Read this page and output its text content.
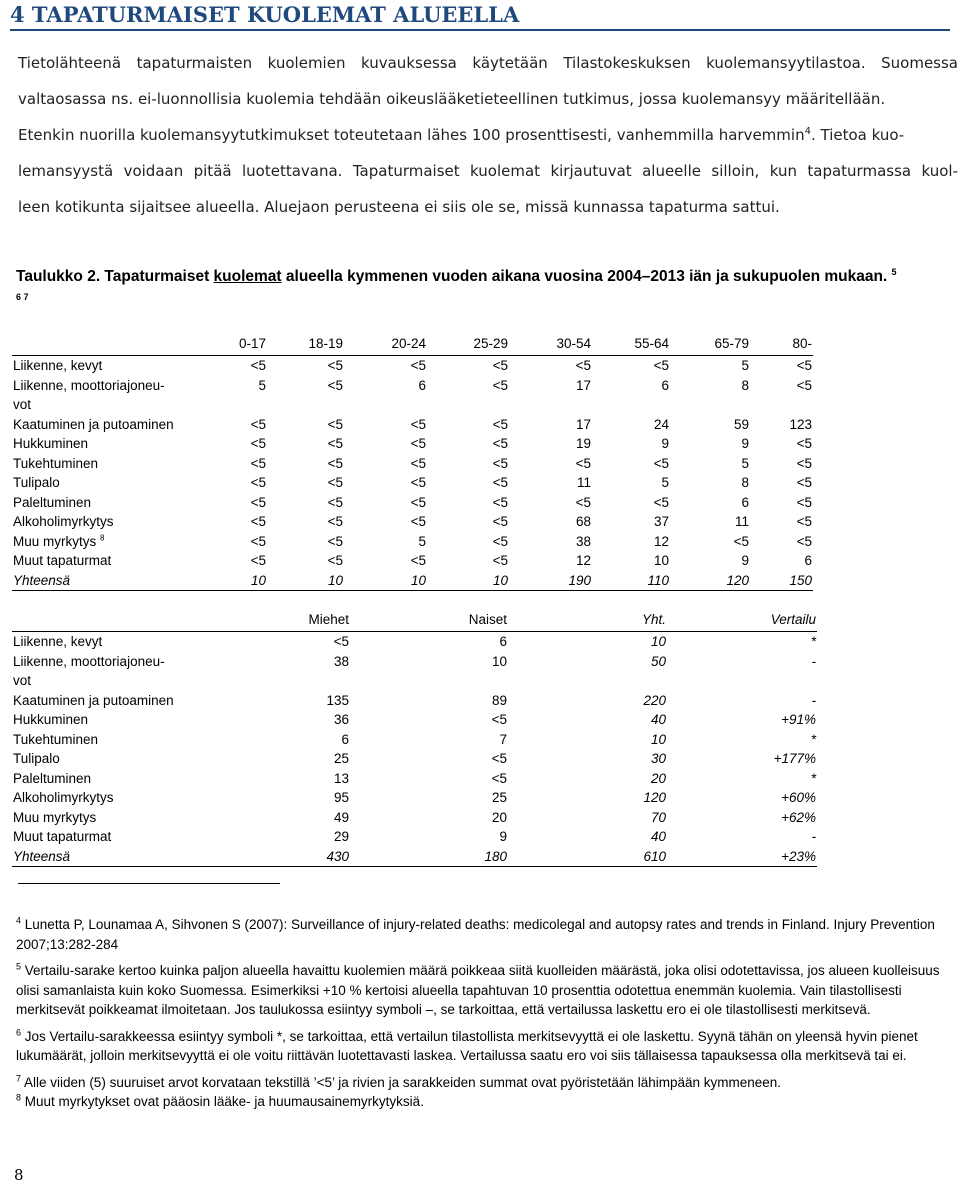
4 TAPATURMAISET KUOLEMAT ALUEELLA
Tietolähteenä tapaturmaisten kuolemien kuvauksessa käytetään Tilastokeskuksen kuolemansyytilastoa. Suomessa
valtaosassa ns. ei-luonnollisia kuolemia tehdään oikeuslääketieteellinen tutkimus, jossa kuolemansyy määritellään.
Etenkin nuorilla kuolemansyytutkimukset toteutetaan lähes 100 prosenttisesti, vanhemmilla harvemmin$^4$. Tietoa kuo-
lemansyystä voidaan pitää luotettavana. Tapaturmaiset kuolemat kirjautuvat alueelle silloin, kun tapaturmassa kuol-
leen kotikunta sijaitsee alueella. Aluejaon perusteena ei siis ole se, missä kunnassa tapaturma sattui.
Taulukko 2. Tapaturmaiset kuolemat alueella kymmenen vuoden aikana vuosina 2004–2013 iän ja sukupuolen mukaan. $^5$
6 7
	0-17	18-19	20-24	25-29	30-54	55-64	65-79	80-
Liikenne, kevyt	<5	<5	<5	<5	<5	<5	5	<5
Liikenne, moottoriajoneu-
vot	5	<5	6	<5	17	6	8	<5
Kaatuminen ja putoaminen	<5	<5	<5	<5	17	24	59	123
Hukkuminen	<5	<5	<5	<5	19	9	9	<5
Tukehtuminen	<5	<5	<5	<5	<5	<5	5	<5
Tulipalo	<5	<5	<5	<5	11	5	8	<5
Paleltuminen	<5	<5	<5	<5	<5	<5	6	<5
Alkoholimyrkytys	<5	<5	<5	<5	68	37	11	<5
Muu myrkytys $^8$	<5	<5	5	<5	38	12	<5	<5
Muut tapaturmat	<5	<5	<5	<5	12	10	9	6
Yhteensä	10	10	10	10	190	110	120	150
	Miehet	Naiset	Yht.	Vertailu
Liikenne, kevyt	<5	6	10	*
Liikenne, moottoriajoneu-
vot	38	10	50	-
Kaatuminen ja putoaminen	135	89	220	-
Hukkuminen	36	<5	40	+91%
Tukehtuminen	6	7	10	*
Tulipalo	25	<5	30	+177%
Paleltuminen	13	<5	20	*
Alkoholimyrkytys	95	25	120	+60%
Muu myrkytys	49	20	70	+62%
Muut tapaturmat	29	9	40	-
Yhteensä	430	180	610	+23%
$^4$ Lunetta P, Lounamaa A, Sihvonen S (2007): Surveillance of injury-related deaths: medicolegal and autopsy rates and trends in Finland. Injury Prevention 2007;13:282-284
$^5$ Vertailu-sarake kertoo kuinka paljon alueella havaittu kuolemien määrä poikkeaa siitä kuolleiden määrästä, joka olisi odotettavissa, jos alueen kuolleisuus olisi samanlaista kuin koko Suomessa. Esimerkiksi +10 % kertoisi alueella tapahtuvan 10 prosenttia odotettua enemmän kuolemia. Vain tilastollisesti merkitsevät poikkeamat ilmoitetaan. Jos taulukossa esiintyy symboli –, se tarkoittaa, että vertailussa laskettu ero ei ole tilastollisesti merkitsevä.
$^6$ Jos Vertailu-sarakkeessa esiintyy symboli *, se tarkoittaa, että vertailun tilastollista merkitsevyyttä ei ole laskettu. Syynä tähän on yleensä hyvin pienet lukumäärät, jolloin merkitsevyyttä ei ole voitu riittävän luotettavasti laskea. Vertailussa saatu ero voi siis tällaisessa tapauksessa olla merkitsevä tai ei.
$^7$ Alle viiden (5) suuruiset arvot korvataan tekstillä ’<5’ ja rivien ja sarakkeiden summat ovat pyöristetään lähimpään kymmeneen.
$^8$ Muut myrkytykset ovat pääosin lääke- ja huumausainemyrkytyksiä.
8
